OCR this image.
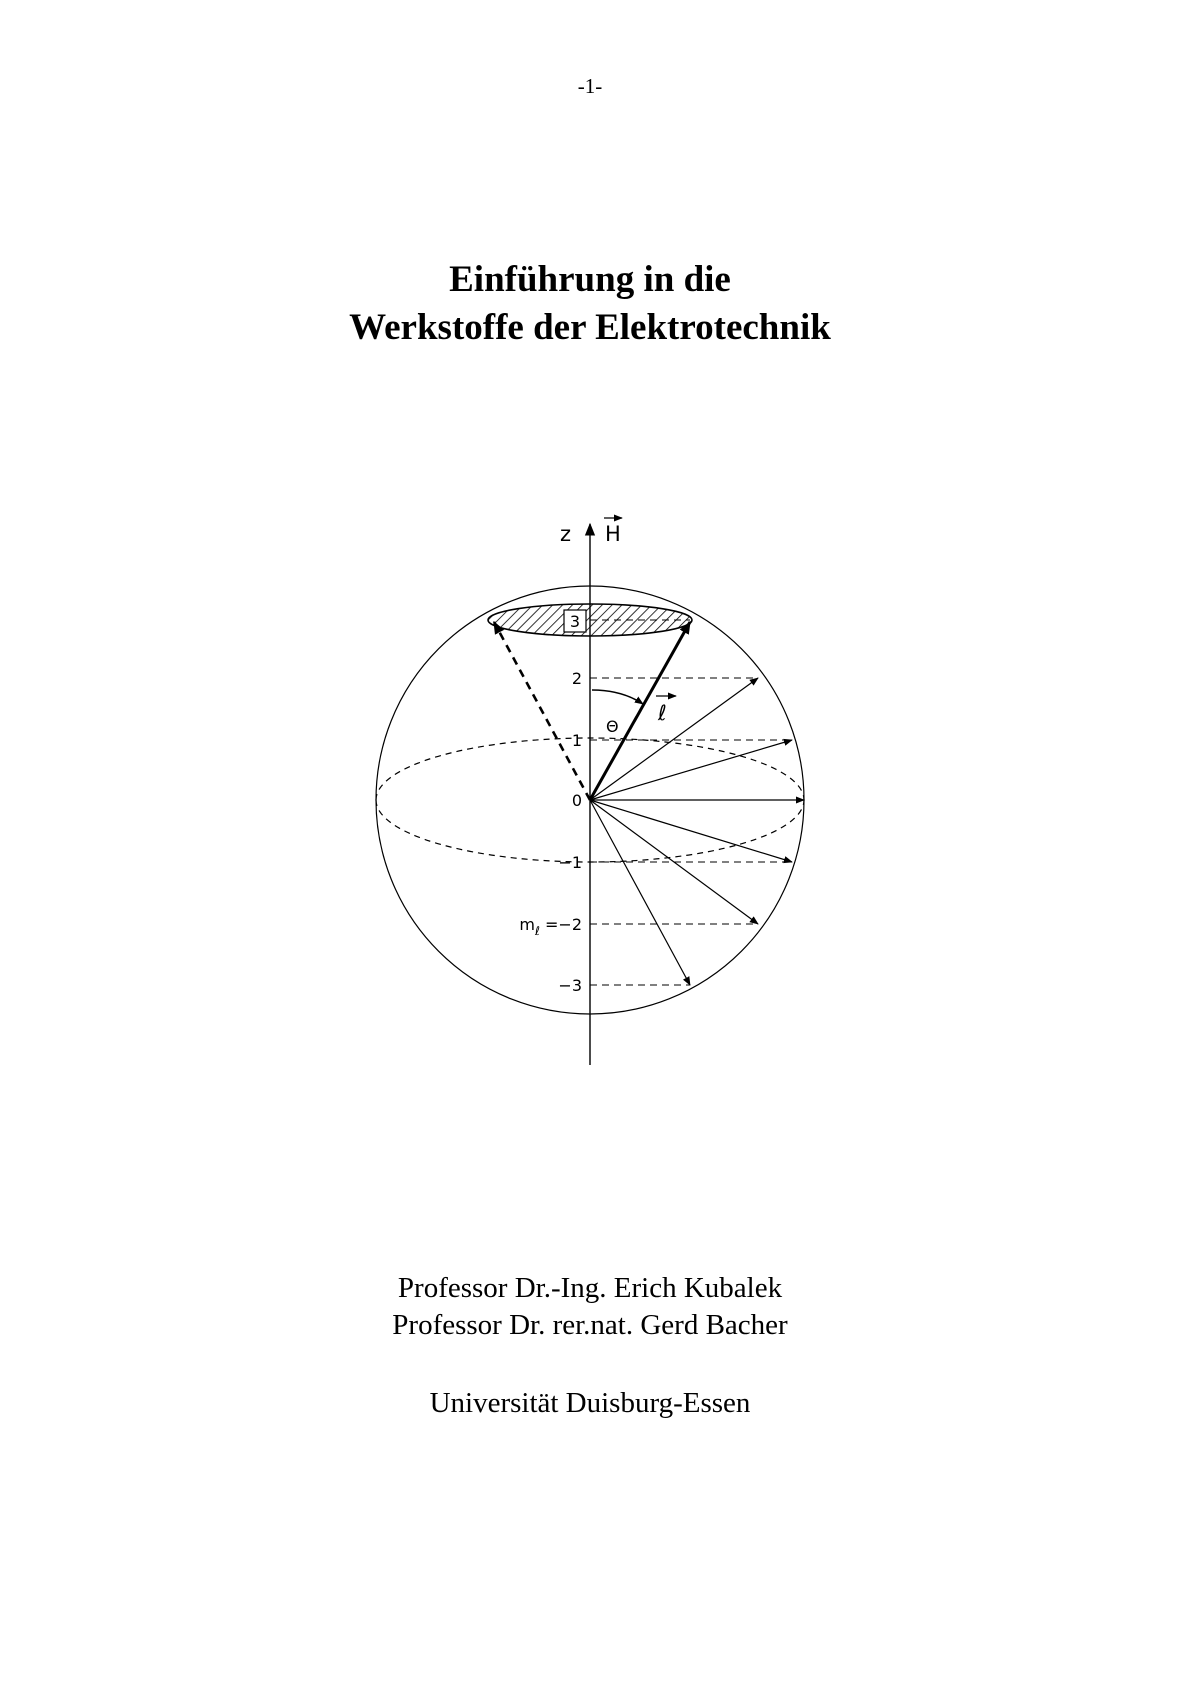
-1-
Einführung in die
Werkstoffe der Elektrotechnik
3
z H
ℓ
Θ
2
1
0
−1
$m_\ell =-2$
−3
Professor Dr.-Ing. Erich Kubalek
Professor Dr. rer.nat. Gerd Bacher
Universität Duisburg-Essen
